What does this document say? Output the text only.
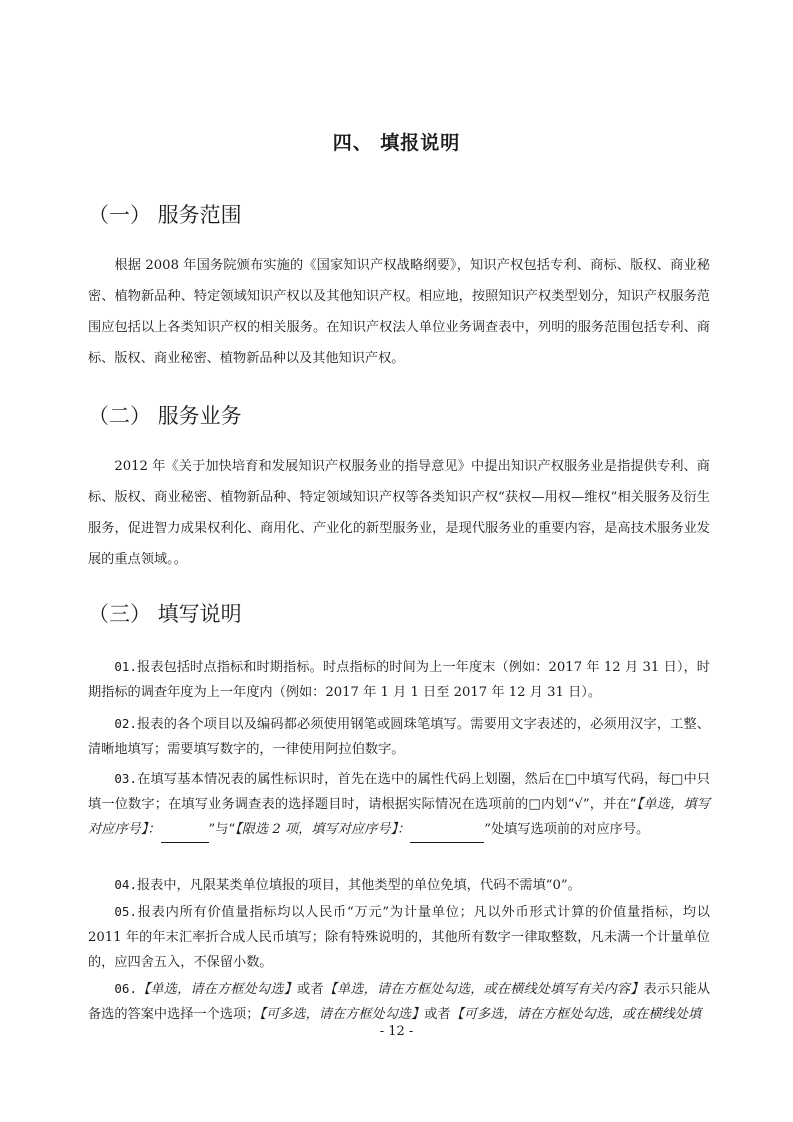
四、 填报说明
（一） 服务范围
根据 2008 年国务院颁布实施的《国家知识产权战略纲要》，知识产权包括专利、商标、版权、商业秘密、植物新品种、特定领域知识产权以及其他知识产权。相应地，按照知识产权类型划分，知识产权服务范围应包括以上各类知识产权的相关服务。在知识产权法人单位业务调查表中，列明的服务范围包括专利、商标、版权、商业秘密、植物新品种以及其他知识产权。
（二） 服务业务
2012 年《关于加快培育和发展知识产权服务业的指导意见》中提出知识产权服务业是指提供专利、商标、版权、商业秘密、植物新品种、特定领域知识产权等各类知识产权“获权—用权—维权”相关服务及衍生服务，促进智力成果权利化、商用化、产业化的新型服务业，是现代服务业的重要内容，是高技术服务业发展的重点领域。。
（三） 填写说明
01.报表包括时点指标和时期指标。时点指标的时间为上一年度末（例如：2017 年 12 月 31 日），时期指标的调查年度为上一年度内（例如：2017 年 1 月 1 日至 2017 年 12 月 31 日）。
02.报表的各个项目以及编码都必须使用钢笔或圆珠笔填写。需要用文字表述的，必须用汉字，工整、清晰地填写；需要填写数字的，一律使用阿拉伯数字。
03.在填写基本情况表的属性标识时，首先在选中的属性代码上划圈，然后在□中填写代码，每□中只填一位数字；在填写业务调查表的选择题目时，请根据实际情况在选项前的□内划“√”，并在“【单选，填写对应序号】：	”与“【限选 2 项，填写对应序号】：	”处填写选项前的对应序号。
04.报表中，凡限某类单位填报的项目，其他类型的单位免填，代码不需填“0”。
05.报表内所有价值量指标均以人民币“万元”为计量单位；凡以外币形式计算的价值量指标，均以 2011 年的年末汇率折合成人民币填写；除有特殊说明的，其他所有数字一律取整数，凡未满一个计量单位的，应四舍五入，不保留小数。
06.【单选，请在方框处勾选】或者【单选，请在方框处勾选，或在横线处填写有关内容】表示只能从备选的答案中选择一个选项；【可多选，请在方框处勾选】或者【可多选，请在方框处勾选，或在横线处填
- 12 -
